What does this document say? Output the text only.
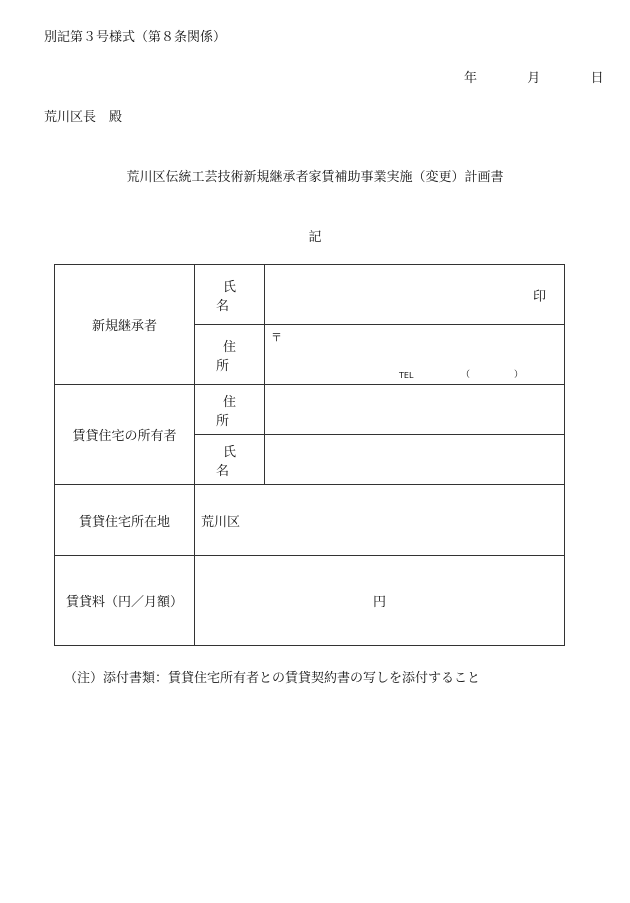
別記第３号様式（第８条関係）
年	月	日
荒川区長　殿
荒川区伝統工芸技術新規継承者家賃補助事業実施（変更）計画書
記
新規継承者	氏　名	印

	住　所	〒
TEL （ ）

賃貸住宅の所有者	住　所	
	氏　名	
賃貸住宅所在地	荒川区	
賃貸料（円／月額）	円	
（注）添付書類：賃貸住宅所有者との賃貸契約書の写しを添付すること
